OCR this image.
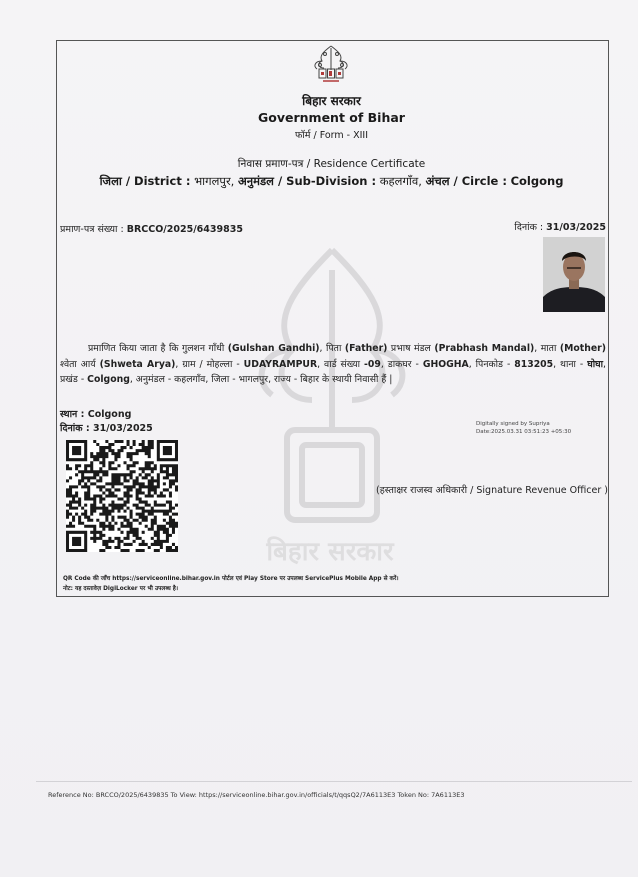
बिहार सरकार
बिहार सरकार
Government of Bihar
फॉर्म / Form - XIII
निवास प्रमाण-पत्र / Residence Certificate
जिला / District : भागलपुर, अनुमंडल / Sub-Division : कहलगाँव, अंचल / Circle : Colgong
प्रमाण-पत्र संख्या : BRCCO/2025/6439835	दिनांक : 31/03/2025
प्रमाणित किया जाता है कि गुलशन गाँधी (Gulshan Gandhi), पिता (Father) प्रभाष मंडल (Prabhash Mandal), माता (Mother) श्वेता आर्य (Shweta Arya), ग्राम / मोहल्ला - UDAYRAMPUR, वार्ड संख्या -09, डाकघर - GHOGHA, पिनकोड - 813205, थाना - घोघा, प्रखंड - Colgong, अनुमंडल - कहलगाँव, जिला - भागलपुर, राज्य - बिहार के स्थायी निवासी हैं |
स्थान : Colgong
दिनांक : 31/03/2025	Digitally signed by Supriya
Date:2025.03.31 03:51:23 +05:30
(हस्ताक्षर राजस्व अधिकारी / Signature Revenue Officer )
QR Code की जाँच https://serviceonline.bihar.gov.in पोर्टल एवं Play Store पर उपलब्ध ServicePlus Mobile App से करें।
नोट: यह दस्तावेज़ DigiLocker पर भी उपलब्ध है।
Reference No: BRCCO/2025/6439835 To View: https://serviceonline.bihar.gov.in/officials/t/qqsQ2/7A6113E3 Token No: 7A6113E3
